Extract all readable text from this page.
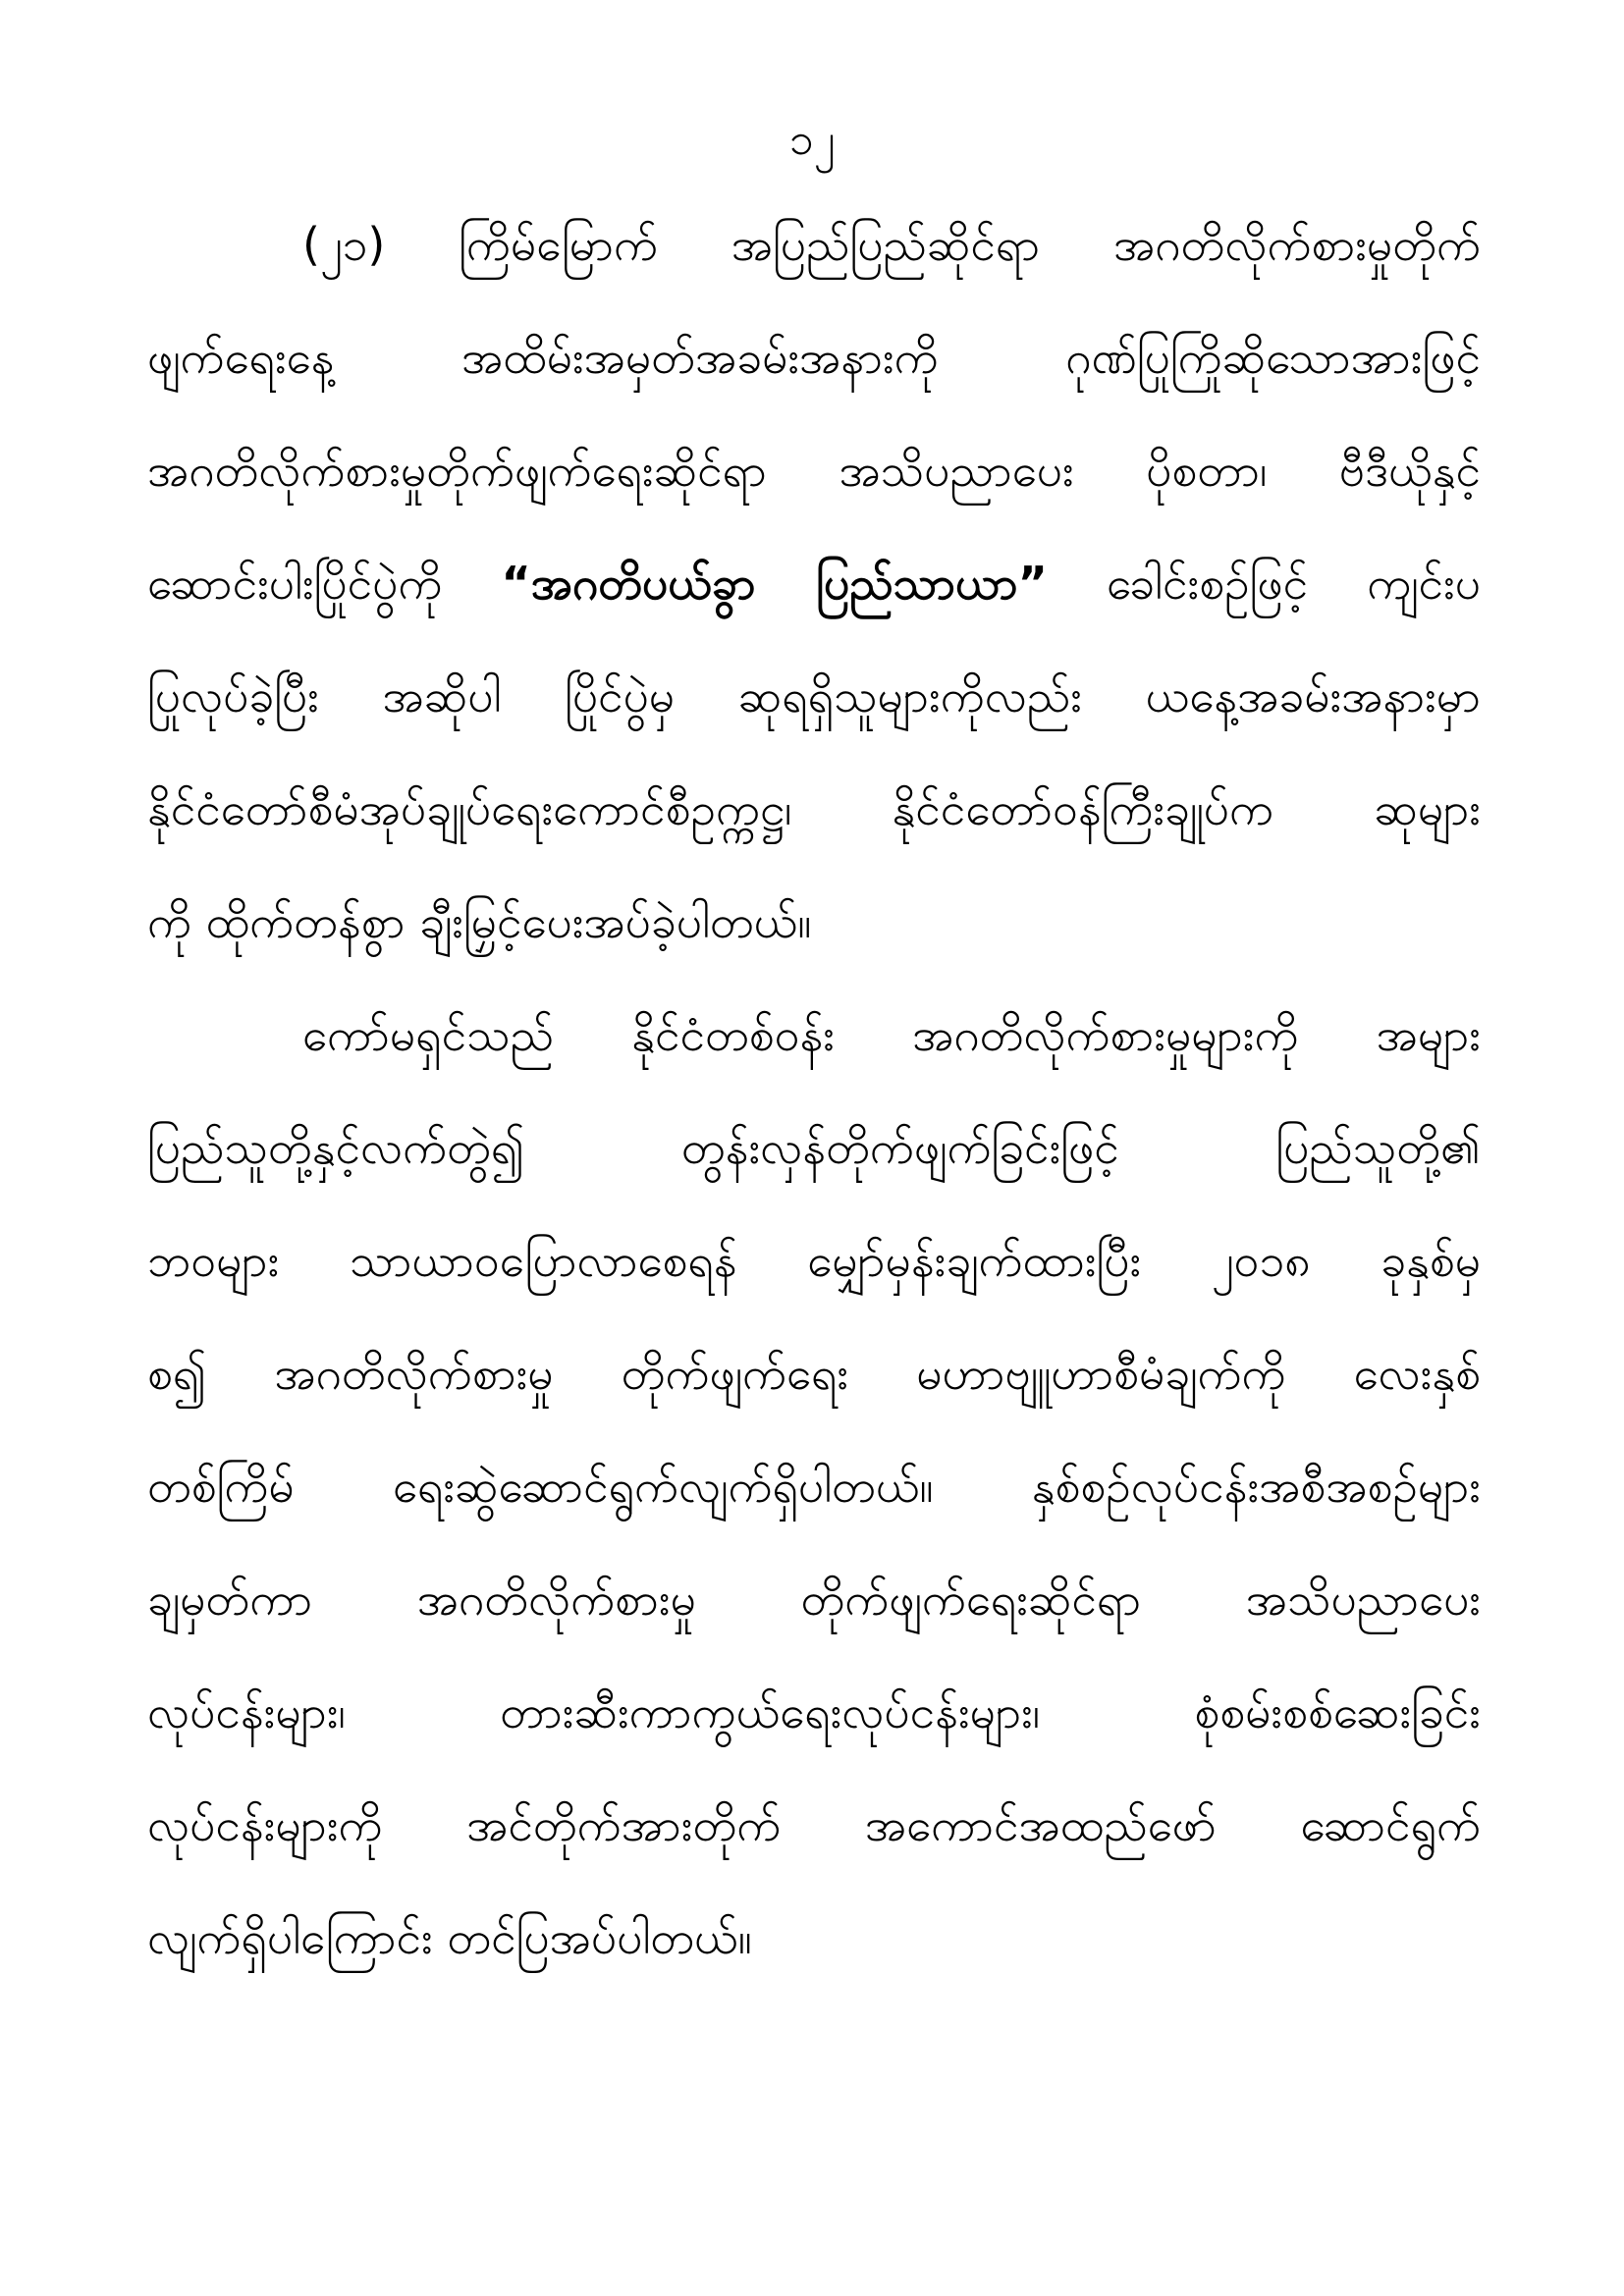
၁၂
(၂၁) ကြိမ်မြောက် အပြည်ပြည်ဆိုင်ရာ အဂတိလိုက်စားမှုတိုက်
ဖျက်ရေးနေ့ အထိမ်းအမှတ်အခမ်းအနားကို ဂုဏ်ပြုကြိုဆိုသောအားဖြင့်
အဂတိလိုက်စားမှုတိုက်ဖျက်ရေးဆိုင်ရာ အသိပညာပေး ပိုစတာ၊ ဗီဒီယိုနှင့်
ဆောင်းပါးပြိုင်ပွဲကို “အဂတိပယ်ခွာ ပြည်သာယာ” ခေါင်းစဉ်ဖြင့် ကျင်းပ
ပြုလုပ်ခဲ့ပြီး အဆိုပါ ပြိုင်ပွဲမှ ဆုရရှိသူများကိုလည်း ယနေ့အခမ်းအနားမှာ
နိုင်ငံတော်စီမံအုပ်ချုပ်ရေးကောင်စီဥက္ကဋ္ဌ၊ နိုင်ငံတော်ဝန်ကြီးချုပ်က ဆုများ
ကို ထိုက်တန်စွာ ချီးမြှင့်ပေးအပ်ခဲ့ပါတယ်။
ကော်မရှင်သည် နိုင်ငံတစ်ဝန်း အဂတိလိုက်စားမှုများကို အများ
ပြည်သူတို့နှင့်လက်တွဲ၍ တွန်းလှန်တိုက်ဖျက်ခြင်းဖြင့် ပြည်သူတို့၏
ဘဝများ သာယာဝပြောလာစေရန် မျှော်မှန်းချက်ထားပြီး ၂၀၁၈ ခုနှစ်မှ
စ၍ အဂတိလိုက်စားမှု တိုက်ဖျက်ရေး မဟာဗျူဟာစီမံချက်ကို လေးနှစ်
တစ်ကြိမ် ရေးဆွဲဆောင်ရွက်လျက်ရှိပါတယ်။ နှစ်စဉ်လုပ်ငန်းအစီအစဉ်များ
ချမှတ်ကာ အဂတိလိုက်စားမှု တိုက်ဖျက်ရေးဆိုင်ရာ အသိပညာပေး
လုပ်ငန်းများ၊ တားဆီးကာကွယ်ရေးလုပ်ငန်းများ၊ စုံစမ်းစစ်ဆေးခြင်း
လုပ်ငန်းများကို အင်တိုက်အားတိုက် အကောင်အထည်ဖော် ဆောင်ရွက်
လျက်ရှိပါကြောင်း တင်ပြအပ်ပါတယ်။
